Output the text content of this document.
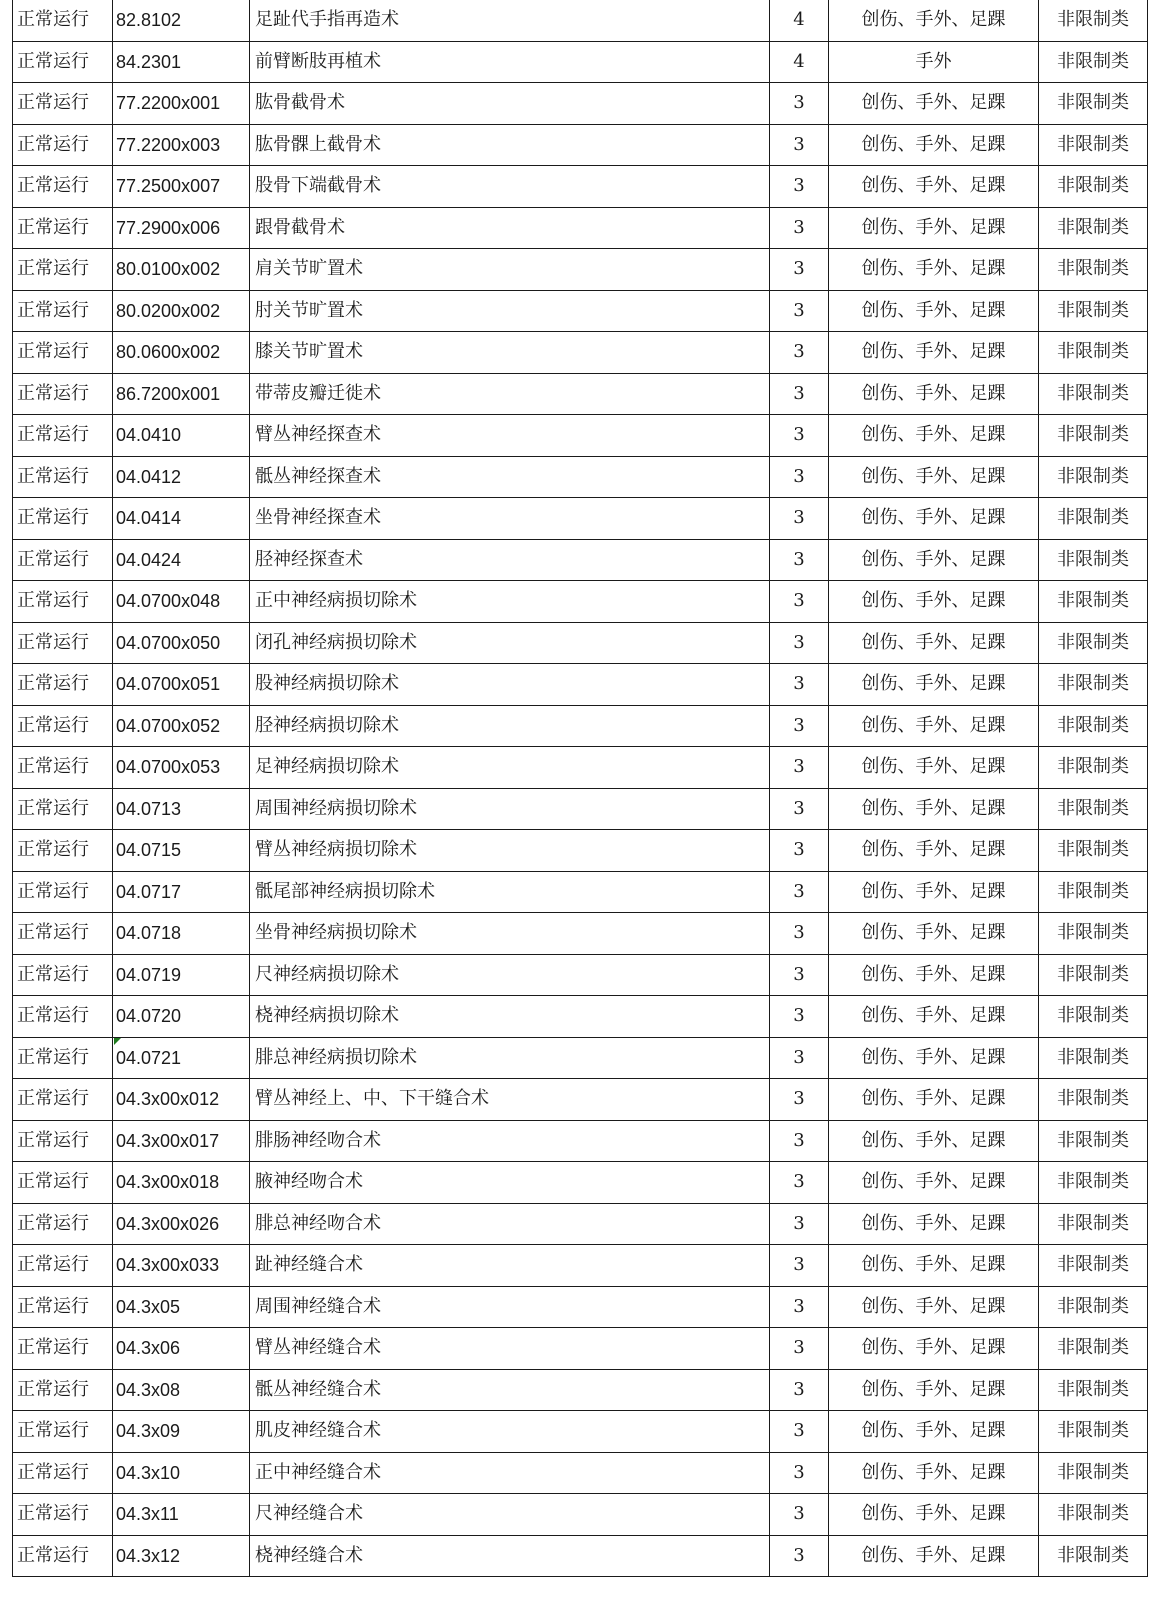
正常运行	82.8102	足趾代手指再造术	4	创伤、手外、足踝	非限制类
正常运行	84.2301	前臂断肢再植术	4	手外	非限制类
正常运行	77.2200x001	肱骨截骨术	3	创伤、手外、足踝	非限制类
正常运行	77.2200x003	肱骨髁上截骨术	3	创伤、手外、足踝	非限制类
正常运行	77.2500x007	股骨下端截骨术	3	创伤、手外、足踝	非限制类
正常运行	77.2900x006	跟骨截骨术	3	创伤、手外、足踝	非限制类
正常运行	80.0100x002	肩关节旷置术	3	创伤、手外、足踝	非限制类
正常运行	80.0200x002	肘关节旷置术	3	创伤、手外、足踝	非限制类
正常运行	80.0600x002	膝关节旷置术	3	创伤、手外、足踝	非限制类
正常运行	86.7200x001	带蒂皮瓣迁徙术	3	创伤、手外、足踝	非限制类
正常运行	04.0410	臂丛神经探查术	3	创伤、手外、足踝	非限制类
正常运行	04.0412	骶丛神经探查术	3	创伤、手外、足踝	非限制类
正常运行	04.0414	坐骨神经探查术	3	创伤、手外、足踝	非限制类
正常运行	04.0424	胫神经探查术	3	创伤、手外、足踝	非限制类
正常运行	04.0700x048	正中神经病损切除术	3	创伤、手外、足踝	非限制类
正常运行	04.0700x050	闭孔神经病损切除术	3	创伤、手外、足踝	非限制类
正常运行	04.0700x051	股神经病损切除术	3	创伤、手外、足踝	非限制类
正常运行	04.0700x052	胫神经病损切除术	3	创伤、手外、足踝	非限制类
正常运行	04.0700x053	足神经病损切除术	3	创伤、手外、足踝	非限制类
正常运行	04.0713	周围神经病损切除术	3	创伤、手外、足踝	非限制类
正常运行	04.0715	臂丛神经病损切除术	3	创伤、手外、足踝	非限制类
正常运行	04.0717	骶尾部神经病损切除术	3	创伤、手外、足踝	非限制类
正常运行	04.0718	坐骨神经病损切除术	3	创伤、手外、足踝	非限制类
正常运行	04.0719	尺神经病损切除术	3	创伤、手外、足踝	非限制类
正常运行	04.0720	桡神经病损切除术	3	创伤、手外、足踝	非限制类
正常运行	04.0721	腓总神经病损切除术	3	创伤、手外、足踝	非限制类
正常运行	04.3x00x012	臂丛神经上、中、下干缝合术	3	创伤、手外、足踝	非限制类
正常运行	04.3x00x017	腓肠神经吻合术	3	创伤、手外、足踝	非限制类
正常运行	04.3x00x018	腋神经吻合术	3	创伤、手外、足踝	非限制类
正常运行	04.3x00x026	腓总神经吻合术	3	创伤、手外、足踝	非限制类
正常运行	04.3x00x033	趾神经缝合术	3	创伤、手外、足踝	非限制类
正常运行	04.3x05	周围神经缝合术	3	创伤、手外、足踝	非限制类
正常运行	04.3x06	臂丛神经缝合术	3	创伤、手外、足踝	非限制类
正常运行	04.3x08	骶丛神经缝合术	3	创伤、手外、足踝	非限制类
正常运行	04.3x09	肌皮神经缝合术	3	创伤、手外、足踝	非限制类
正常运行	04.3x10	正中神经缝合术	3	创伤、手外、足踝	非限制类
正常运行	04.3x11	尺神经缝合术	3	创伤、手外、足踝	非限制类
正常运行	04.3x12	桡神经缝合术	3	创伤、手外、足踝	非限制类
